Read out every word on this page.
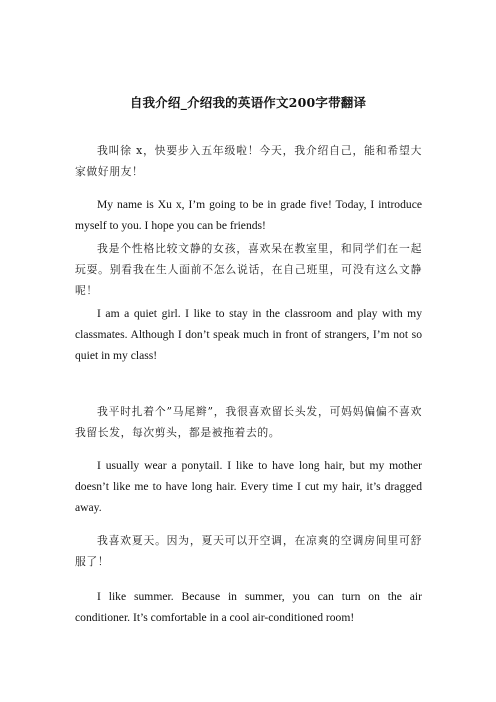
自我介绍_介绍我的英语作文200字带翻译

我叫徐 x，快要步入五年级啦！今天，我介绍自己，能和希望大家做好朋友！

My name is Xu x, I’m going to be in grade five! Today, I introduce myself to you. I hope you can be friends!

我是个性格比较文静的女孩，喜欢呆在教室里，和同学们在一起玩耍。别看我在生人面前不怎么说话，在自己班里，可没有这么文静呢！

I am a quiet girl. I like to stay in the classroom and play with my classmates. Although I don’t speak much in front of strangers, I’m not so quiet in my class!

我平时扎着个”马尾辫”，我很喜欢留长头发，可妈妈偏偏不喜欢我留长发，每次剪头，都是被拖着去的。

I usually wear a ponytail. I like to have long hair, but my mother doesn’t like me to have long hair. Every time I cut my hair, it’s dragged away.

我喜欢夏天。因为，夏天可以开空调，在凉爽的空调房间里可舒服了！

I like summer. Because in summer, you can turn on the air conditioner. It’s comfortable in a cool air-conditioned room!
